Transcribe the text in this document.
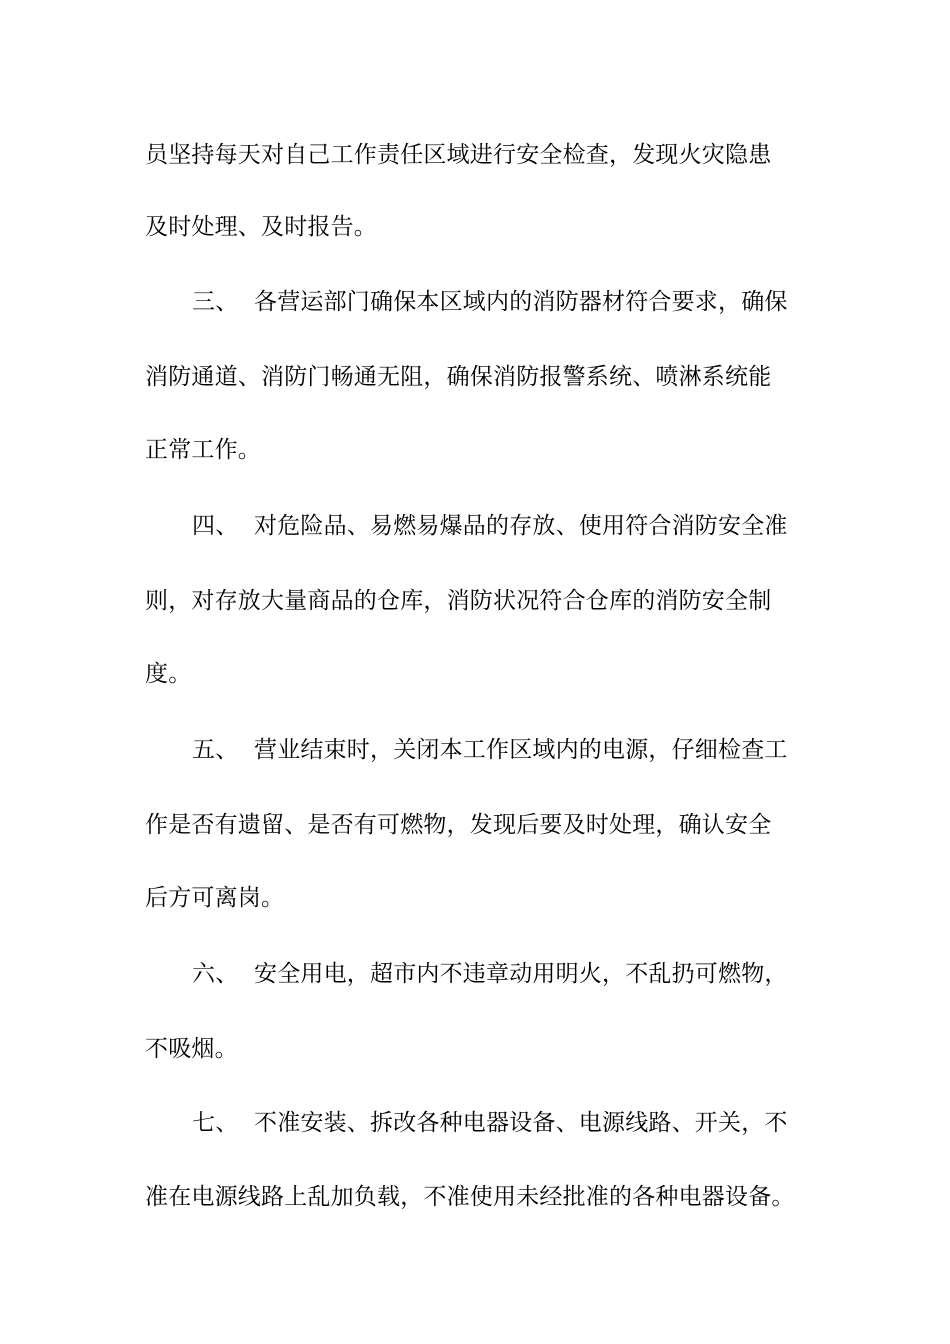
员坚持每天对自己工作责任区域进行安全检查，发现火灾隐患
及时处理、及时报告。
三、 各营运部门确保本区域内的消防器材符合要求，确保
消防通道、消防门畅通无阻，确保消防报警系统、喷淋系统能
正常工作。
四、 对危险品、易燃易爆品的存放、使用符合消防安全准
则，对存放大量商品的仓库，消防状况符合仓库的消防安全制
度。
五、 营业结束时，关闭本工作区域内的电源，仔细检查工
作是否有遗留、是否有可燃物，发现后要及时处理，确认安全
后方可离岗。
六、 安全用电，超市内不违章动用明火，不乱扔可燃物，
不吸烟。
七、 不准安装、拆改各种电器设备、电源线路、开关，不
准在电源线路上乱加负载，不准使用未经批准的各种电器设备。
